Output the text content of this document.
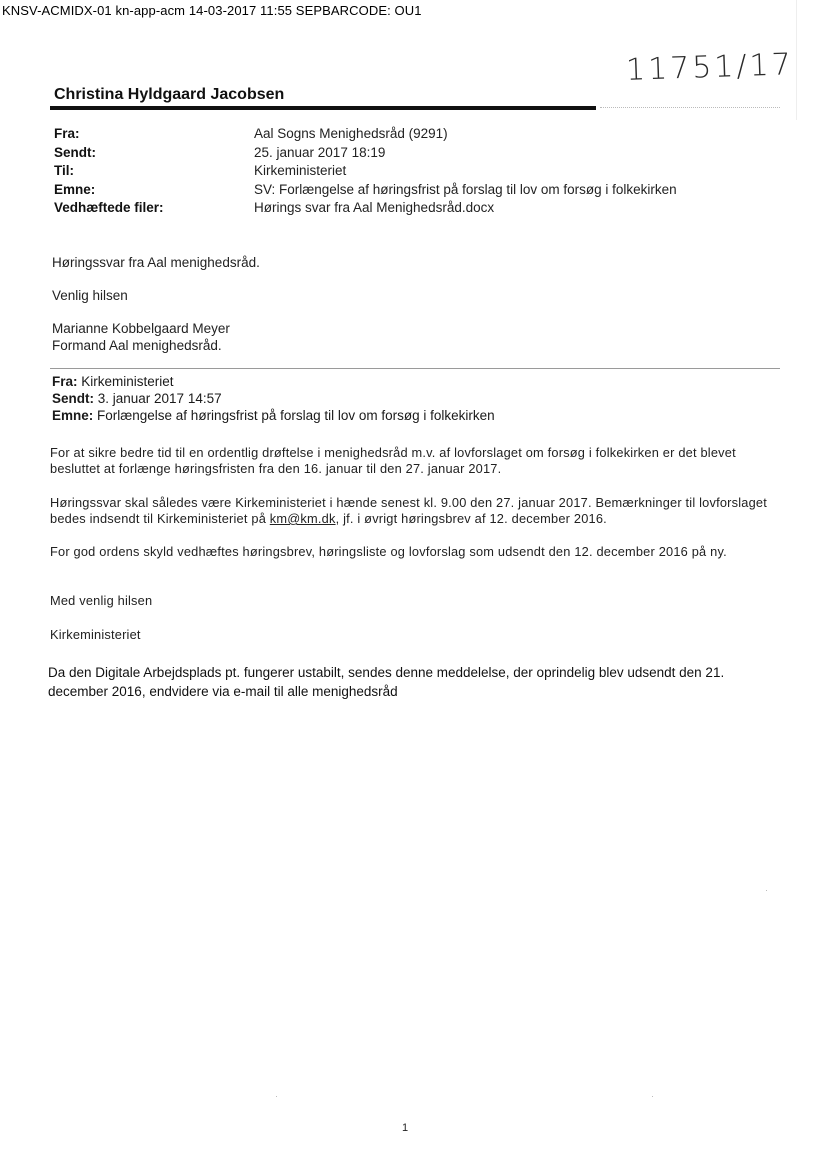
KNSV-ACMIDX-01 kn-app-acm 14-03-2017 11:55 SEPBARCODE: OU1
11751/17
Christina Hyldgaard Jacobsen
Fra:	Aal Sogns Menighedsråd (9291)
Sendt:	25. januar 2017 18:19
Til:	Kirkeministeriet
Emne:	SV: Forlængelse af høringsfrist på forslag til lov om forsøg i folkekirken
Vedhæftede filer:	Hørings svar fra Aal Menighedsråd.docx
Høringssvar fra Aal menighedsråd.
Venlig hilsen
Marianne Kobbelgaard Meyer
Formand Aal menighedsråd.
Fra: Kirkeministeriet
Sendt: 3. januar 2017 14:57
Emne: Forlængelse af høringsfrist på forslag til lov om forsøg i folkekirken
For at sikre bedre tid til en ordentlig drøftelse i menighedsråd m.v. af lovforslaget om forsøg i folkekirken er det blevet besluttet at forlænge høringsfristen fra den 16. januar til den 27. januar 2017.
Høringssvar skal således være Kirkeministeriet i hænde senest kl. 9.00 den 27. januar 2017. Bemærkninger til lovforslaget bedes indsendt til Kirkeministeriet på km@km.dk, jf. i øvrigt høringsbrev af 12. december 2016.
For god ordens skyld vedhæftes høringsbrev, høringsliste og lovforslag som udsendt den 12. december 2016 på ny.
Med venlig hilsen
Kirkeministeriet
Da den Digitale Arbejdsplads pt. fungerer ustabilt, sendes denne meddelelse, der oprindelig blev udsendt den 21. december 2016, endvidere via e-mail til alle menighedsråd
1
